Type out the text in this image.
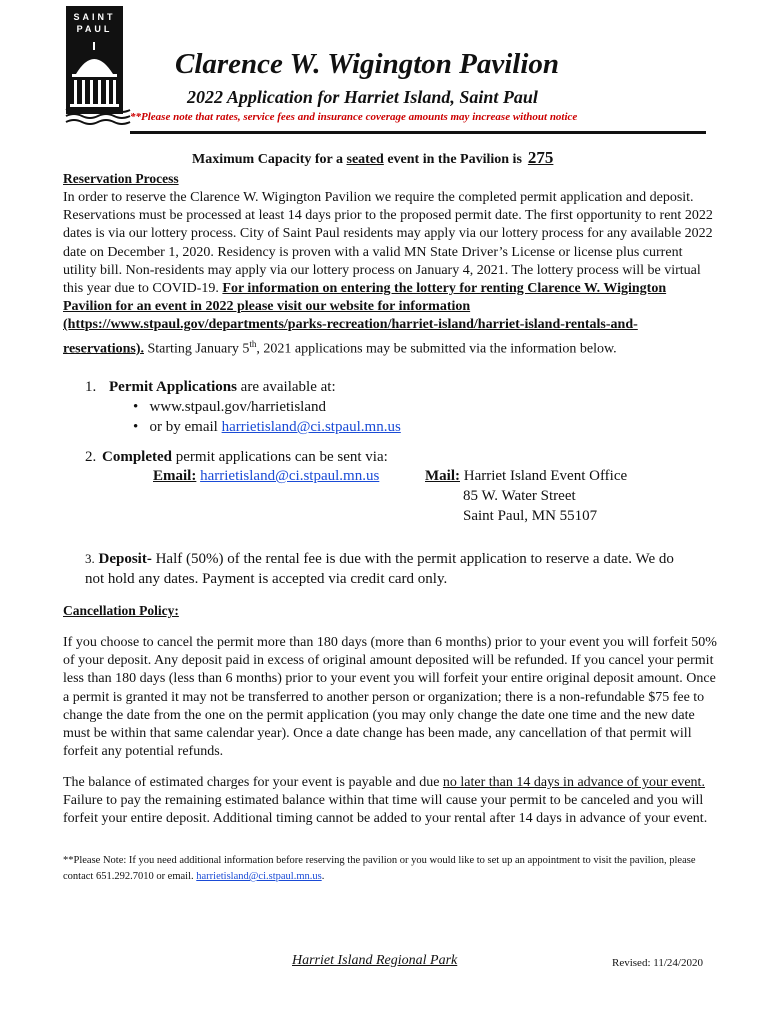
SAINT
PAUL
Clarence W. Wigington Pavilion
2022 Application for Harriet Island, Saint Paul
**Please note that rates, service fees and insurance coverage amounts may increase without notice
Maximum Capacity for a seated event in the Pavilion is 275
Reservation Process
In order to reserve the Clarence W. Wigington Pavilion we require the completed permit application and deposit. Reservations must be processed at least 14 days prior to the proposed permit date. The first opportunity to rent 2022 dates is via our lottery process. City of Saint Paul residents may apply via our lottery process for any available 2022 date on December 1, 2020. Residency is proven with a valid MN State Driver’s License or license plus current utility bill. Non-residents may apply via our lottery process on January 4, 2021. The lottery process will be virtual this year due to COVID-19. For information on entering the lottery for renting Clarence W. Wigington Pavilion for an event in 2022 please visit our website for information (https://www.stpaul.gov/departments/parks-recreation/harriet-island/harriet-island-rentals-and-reservations). Starting January 5th, 2021 applications may be submitted via the information below.
1. Permit Applications are available at:
•   www.stpaul.gov/harrietisland
•   or by email harrietisland@ci.stpaul.mn.us
2. Completed permit applications can be sent via:
Email: harrietisland@ci.stpaul.mn.us	Mail: Harriet Island Event Office
85 W. Water Street
Saint Paul, MN 55107
3. Deposit- Half (50%) of the rental fee is due with the permit application to reserve a date. We do not hold any dates. Payment is accepted via credit card only.
Cancellation Policy:
If you choose to cancel the permit more than 180 days (more than 6 months) prior to your event you will forfeit 50% of your deposit. Any deposit paid in excess of original amount deposited will be refunded. If you cancel your permit less than 180 days (less than 6 months) prior to your event you will forfeit your entire original deposit amount. Once a permit is granted it may not be transferred to another person or organization; there is a non-refundable $75 fee to change the date from the one on the permit application (you may only change the date one time and the new date must be within that same calendar year). Once a date change has been made, any cancellation of that permit will forfeit any potential refunds.
The balance of estimated charges for your event is payable and due no later than 14 days in advance of your event. Failure to pay the remaining estimated balance within that time will cause your permit to be canceled and you will forfeit your entire deposit. Additional timing cannot be added to your rental after 14 days in advance of your event.
**Please Note: If you need additional information before reserving the pavilion or you would like to set up an appointment to visit the pavilion, please contact 651.292.7010 or email. harrietisland@ci.stpaul.mn.us.
Harriet Island Regional Park	Revised: 11/24/2020
